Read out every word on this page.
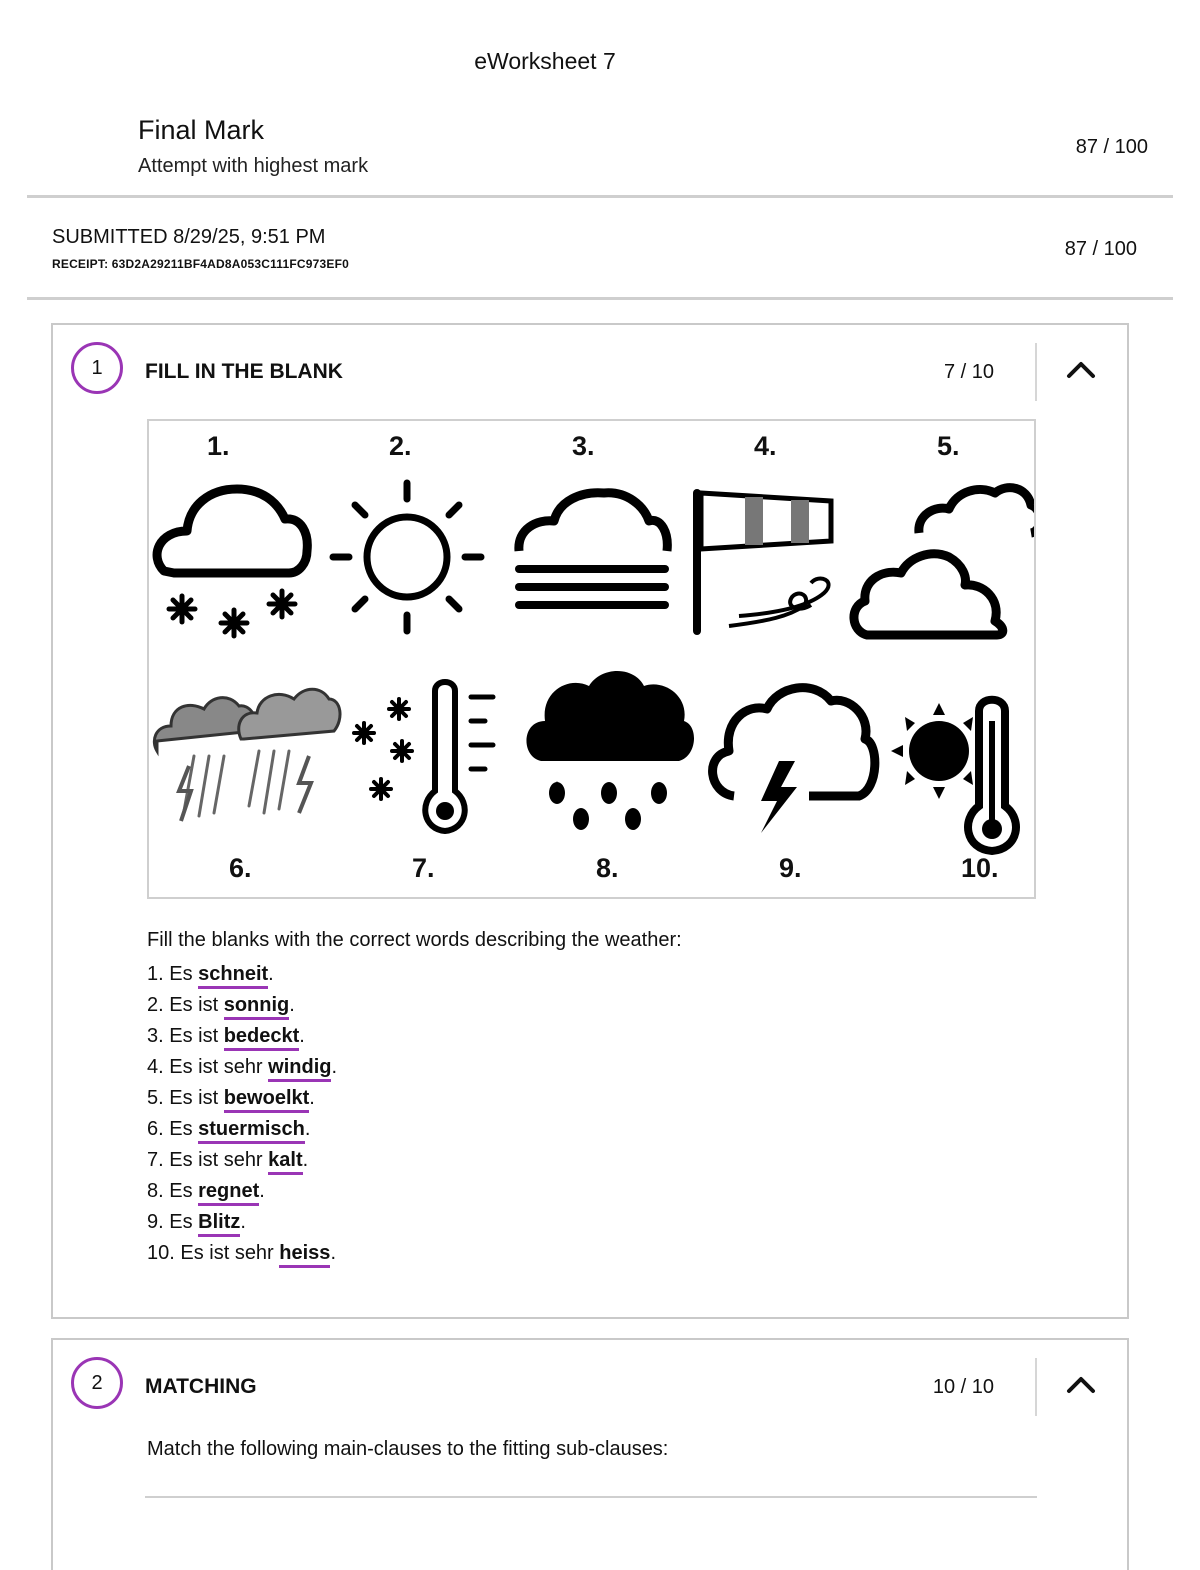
eWorksheet 7
Final Mark
Attempt with highest mark
87 / 100
SUBMITTED 8/29/25, 9:51 PM
RECEIPT: 63D2A29211BF4AD8A053C111FC973EF0
87 / 100
1	FILL IN THE BLANK	7 / 10
1.	2.	3.	4.	5.
6.	7.	8.	9.	10.
Fill the blanks with the correct words describing the weather:
1. Es schneit.
2. Es ist sonnig.
3. Es ist bedeckt.
4. Es ist sehr windig.
5. Es ist bewoelkt.
6. Es stuermisch.
7. Es ist sehr kalt.
8. Es regnet.
9. Es Blitz.
10. Es ist sehr heiss.
2	MATCHING	10 / 10
Match the following main-clauses to the fitting sub-clauses:
